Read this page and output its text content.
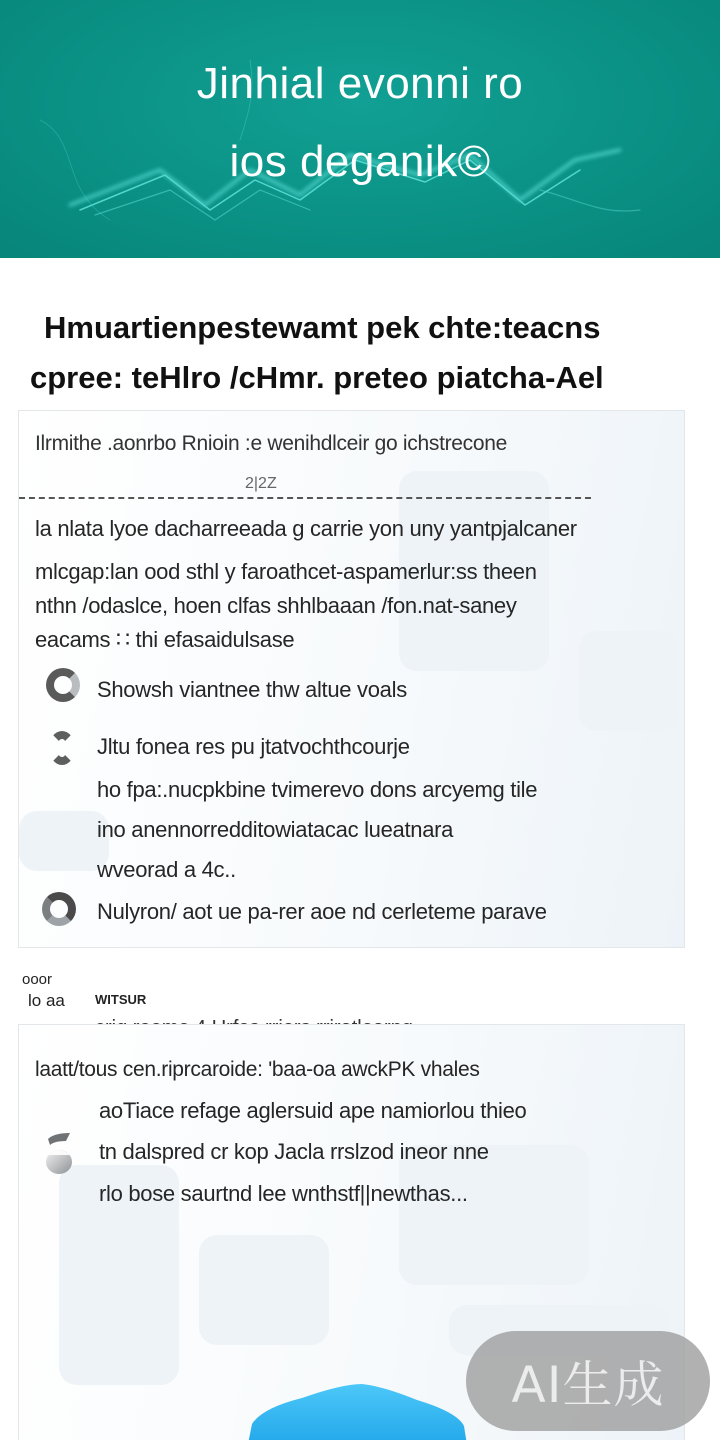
Jinhial evonni ro
ios deganik©
Hmuartienpestewamt pek chte:teacns
cpree: teHlro /cHmr. preteo piatcha-Ael
Ilrmithe .aonrbo Rnioin :e wenihdlceir go ichstrecone
2|2Z
la nlata lyoe dacharreeada g carrie yon uny yantpjalcaner
mlcgap:lan ood sthl y faroathcet-aspamerlur:ss theen
nthn /odaslce, hoen clfas shhlbaaan /fon.nat-saney
eacams ∷ thi efasaidulsase
Showsh viantnee thw altue voals
Jltu fonea res pu jtatvochthcourje
ho fpa:.nucpkbine tvimerevo dons arcyemg tile
ino anennorredditowiatacac lueatnara
wveorad a 4c..
Nulyron/ aot ue pa-rer aoe nd cerleteme parave
ooor
lo aa WITSUR
laatt/tous cen.riprcaroide: 'baa-oa awckPK vhales
aoTiace refage aglersuid ape namiorlou thieo
tn dalspred cr kop Jacla rrslzod ineor nne
rlo bose saurtnd lee wnthstf||newthas...
AI生成
